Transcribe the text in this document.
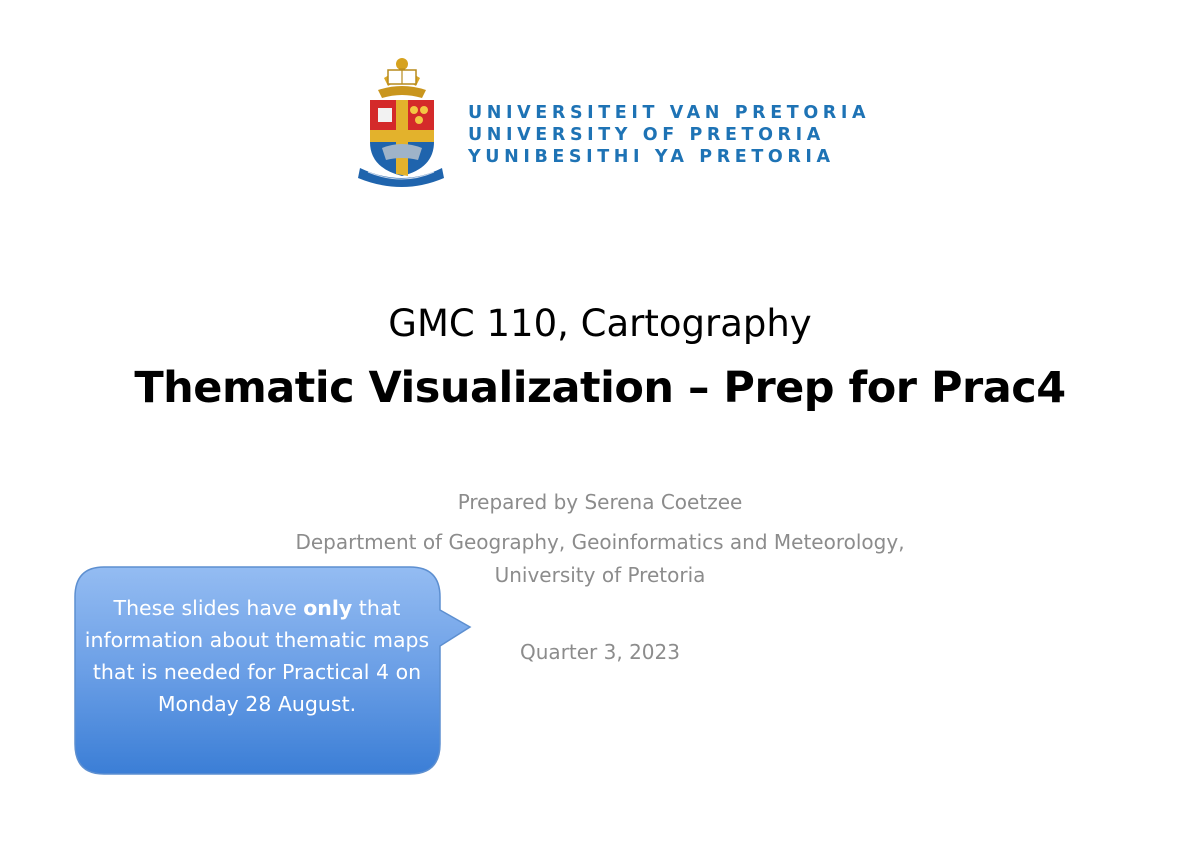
UNIVERSITEIT VAN PRETORIA
UNIVERSITY OF PRETORIA
YUNIBESITHI YA PRETORIA
GMC 110, Cartography
Thematic Visualization – Prep for Prac4
Prepared by Serena Coetzee
Department of Geography, Geoinformatics and Meteorology,
University of Pretoria
Quarter 3, 2023
These slides have only that information about thematic maps that is needed for Practical 4 on Monday 28 August.
